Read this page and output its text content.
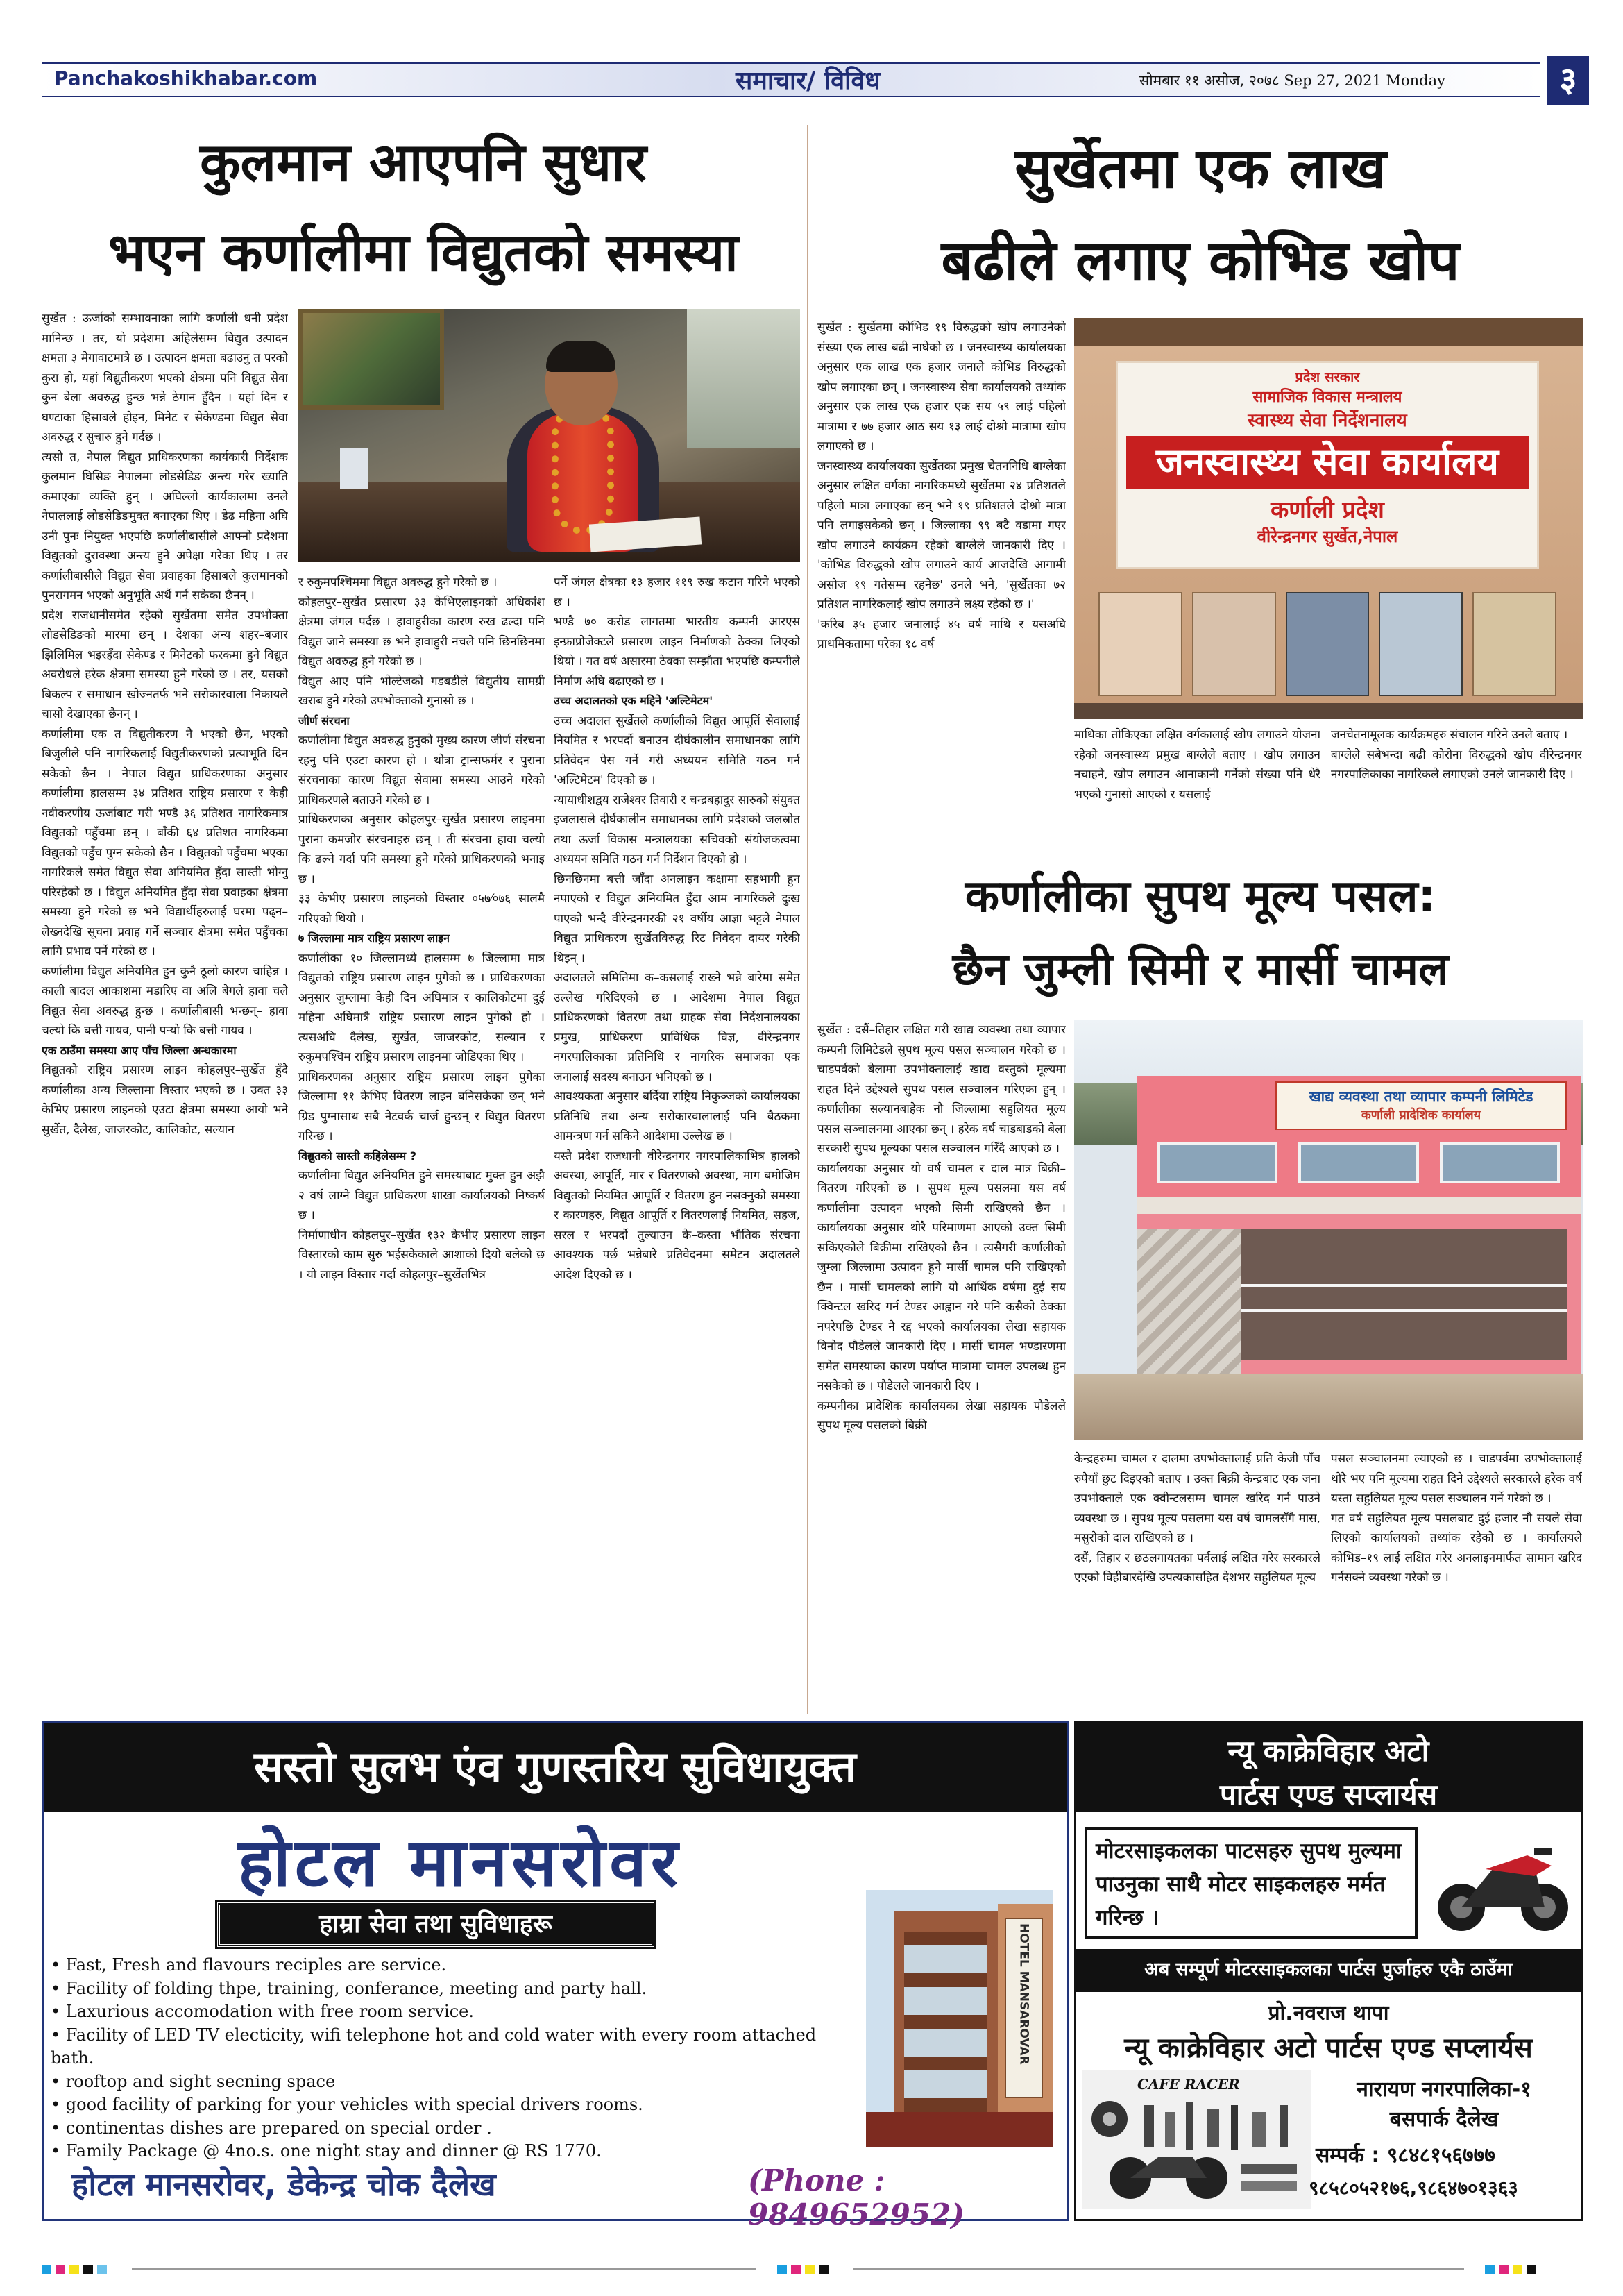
Panchakoshikhabar.com	समाचार/ विविध	सोमबार ११ असोज, २०७८ Sep 27, 2021 Monday	३
कुलमान आएपनि सुधार
भएन कर्णालीमा विद्युतको समस्या

सुर्खेत : ऊर्जाको सम्भावनाका लागि कर्णाली धनी प्रदेश मानिन्छ । तर, यो प्रदेशमा अहिलेसम्म विद्युत उत्पादन क्षमता ३ मेगावाटमात्रै छ । उत्पादन क्षमता बढाउनु त परको कुरा हो, यहां बिद्युतीकरण भएको क्षेत्रमा पनि विद्युत सेवा कुन बेला अवरुद्ध हुन्छ भन्ने ठेगान हुँदैन । यहां दिन र घण्टाका हिसाबले होइन, मिनेट र सेकेण्डमा विद्युत सेवा अवरुद्ध र सुचारु हुने गर्दछ ।

त्यसो त, नेपाल विद्युत प्राधिकरणका कार्यकारी निर्देशक कुलमान घिसिङ नेपालमा लोडसेडिङ अन्त्य गरेर ख्याति कमाएका व्यक्ति हुन् । अघिल्लो कार्यकालमा उनले नेपाललाई लोडसेडिङमुक्त बनाएका थिए । डेढ महिना अघि उनी पुनः नियुक्त भएपछि कर्णालीबासीले आफ्नो प्रदेशमा विद्युतको दुरावस्था अन्त्य हुने अपेक्षा गरेका थिए । तर कर्णालीबासीले विद्युत सेवा प्रवाहका हिसाबले कुलमानको पुनरागमन भएको अनुभूति अर्थै गर्न सकेका छैनन् ।

प्रदेश राजधानीसमेत रहेको सुर्खेतमा समेत उपभोक्ता लोडसेडिङको मारमा छन् । देशका अन्य शहर–बजार झिलिमिल भइरहँदा सेकेण्ड र मिनेटको फरकमा हुने विद्युत अवरोधले हरेक क्षेत्रमा समस्या हुने गरेको छ । तर, यसको बिकल्प र समाधान खोज्नतर्फ भने सरोकारवाला निकायले चासो देखाएका छैनन् ।

कर्णालीमा एक त विद्युतीकरण नै भएको छैन, भएको बिजुलीले पनि नागरिकलाई विद्युतीकरणको प्रत्याभूति दिन सकेको छैन । नेपाल विद्युत प्राधिकरणका अनुसार कर्णालीमा हालसम्म ३४ प्रतिशत राष्ट्रिय प्रसारण र केही नवीकरणीय ऊर्जाबाट गरी भण्डै ३६ प्रतिशत नागरिकमात्र विद्युतको पहुँचमा छन् । बाँकी ६४ प्रतिशत नागरिकमा विद्युतको पहुँच पुग्न सकेको छैन । विद्युतको पहुँचमा भएका नागरिकले समेत विद्युत सेवा अनियमित हुँदा सास्ती भोग्नु परिरहेको छ । विद्युत अनियमित हुँदा सेवा प्रवाहका क्षेत्रमा समस्या हुने गरेको छ भने विद्यार्थीहरुलाई घरमा पढ्न–लेख्नदेखि सूचना प्रवाह गर्ने सञ्चार क्षेत्रमा समेत पहुँचका लागि प्रभाव पर्ने गरेको छ ।

कर्णालीमा विद्युत अनियमित हुन कुनै ठूलो कारण चाहिन्न । काली बादल आकाशमा मडारिए वा अलि बेगले हावा चले विद्युत सेवा अवरुद्ध हुन्छ । कर्णालीबासी भन्छन्– हावा चल्यो कि बत्ती गायव, पानी पर्‍यो कि बत्ती गायव ।

एक ठाउँमा समस्या आए पाँच जिल्ला अन्धकारमा

विद्युतको राष्ट्रिय प्रसारण लाइन कोहलपुर–सुर्खेत हुँदै कर्णालीका अन्य जिल्लामा विस्तार भएको छ । उक्त ३३ केभिए प्रसारण लाइनको एउटा क्षेत्रमा समस्या आयो भने सुर्खेत, दैलेख, जाजरकोट, कालिकोट, सल्यान

र रुकुमपश्चिममा विद्युत अवरुद्ध हुने गरेको छ ।

कोहलपुर–सुर्खेत प्रसारण ३३ केभिएलाइनको अधिकांश क्षेत्रमा जंगल पर्दछ । हावाहुरीका कारण रुख ढल्दा पनि विद्युत जाने समस्या छ भने हावाहुरी नचले पनि छिनछिनमा विद्युत अवरुद्ध हुने गरेको छ ।

विद्युत आए पनि भोल्टेजको गडबडीले विद्युतीय सामग्री खराब हुने गरेको उपभोक्ताको गुनासो छ ।

जीर्ण संरचना

कर्णालीमा विद्युत अवरुद्ध हुनुको मुख्य कारण जीर्ण संरचना रहनु पनि एउटा कारण हो । थोत्रा ट्रान्सफर्मर र पुराना संरचनाका कारण विद्युत सेवामा समस्या आउने गरेको प्राधिकरणले बताउने गरेको छ ।

प्राधिकरणका अनुसार कोहलपुर–सुर्खेत प्रसारण लाइनमा पुराना कमजोर संरचनाहरु छन् । ती संरचना हावा चल्यो कि ढल्ने गर्दा पनि समस्या हुने गरेको प्राधिकरणको भनाइ छ ।

३३ केभीए प्रसारण लाइनको विस्तार ०५७⁄०७६ सालमै गरिएको थियो ।

७ जिल्लामा मात्र राष्ट्रिय प्रसारण लाइन

कर्णालीका १० जिल्लामध्ये हालसम्म ७ जिल्लामा मात्र विद्युतको राष्ट्रिय प्रसारण लाइन पुगेको छ । प्राधिकरणका अनुसार जुम्लामा केही दिन अघिमात्र र कालिकोटमा दुई महिना अघिमात्रै राष्ट्रिय प्रसारण लाइन पुगेको हो । त्यसअघि दैलेख, सुर्खेत, जाजरकोट, सल्यान र रुकुमपश्चिम राष्ट्रिय प्रसारण लाइनमा जोडिएका थिए ।

प्राधिकरणका अनुसार राष्ट्रिय प्रसारण लाइन पुगेका जिल्लामा ११ केभिए वितरण लाइन बनिसकेका छन् भने ग्रिड पुग्नासाथ सबै नेटवर्क चार्ज हुन्छन् र विद्युत वितरण गरिन्छ ।

विद्युतको सास्ती कहिलेसम्म ?

कर्णालीमा विद्युत अनियमित हुने समस्याबाट मुक्त हुन अझै २ वर्ष लाग्ने विद्युत प्राधिकरण शाखा कार्यालयको निष्कर्ष छ ।

निर्माणाधीन कोहलपुर–सुर्खेत १३२ केभीए प्रसारण लाइन विस्तारको काम सुरु भईसकेकाले आशाको दियो बलेको छ । यो लाइन विस्तार गर्दा कोहलपुर–सुर्खेतभित्र

पर्ने जंगल क्षेत्रका १३ हजार ११९ रुख कटान गरिने भएको छ ।

भण्डै ७० करोड लागतमा भारतीय कम्पनी आरएस इन्फ्राप्रोजेक्टले प्रसारण लाइन निर्माणको ठेक्का लिएको थियो । गत वर्ष असारमा ठेक्का सम्झौता भएपछि कम्पनीले निर्माण अघि बढाएको छ ।

उच्च अदालतको एक महिने 'अल्टिमेटम'

उच्च अदालत सुर्खेतले कर्णालीको विद्युत आपूर्ति सेवालाई नियमित र भरपर्दो बनाउन दीर्घकालीन समाधानका लागि प्रतिवेदन पेस गर्ने गरी अध्ययन समिति गठन गर्न 'अल्टिमेटम' दिएको छ ।

न्यायाधीशद्वय राजेश्वर तिवारी र चन्द्रबहादुर सारुको संयुक्त इजलासले दीर्घकालीन समाधानका लागि प्रदेशको जलस्रोत तथा ऊर्जा विकास मन्त्रालयका सचिवको संयोजकत्वमा अध्ययन समिति गठन गर्न निर्देशन दिएको हो ।

छिनछिनमा बत्ती जाँदा अनलाइन कक्षामा सहभागी हुन नपाएको र विद्युत अनियमित हुँदा आम नागरिकले दुःख पाएको भन्दै वीरेन्द्रनगरकी २१ वर्षीय आज्ञा भट्टले नेपाल विद्युत प्राधिकरण सुर्खेतविरुद्ध रिट निवेदन दायर गरेकी थिइन् ।

अदालतले समितिमा क–कसलाई राख्ने भन्ने बारेमा समेत उल्लेख गरिदिएको छ । आदेशमा नेपाल विद्युत प्राधिकरणको वितरण तथा ग्राहक सेवा निर्देशनालयका प्रमुख, प्राधिकरण प्राविधिक विज्ञ, वीरेन्द्रनगर नगरपालिकाका प्रतिनिधि र नागरिक समाजका एक जनालाई सदस्य बनाउन भनिएको छ ।

आवश्यकता अनुसार बर्दिया राष्ट्रिय निकुञ्जको कार्यालयका प्रतिनिधि तथा अन्य सरोकारवालालाई पनि बैठकमा आमन्त्रण गर्न सकिने आदेशमा उल्लेख छ ।

यस्तै प्रदेश राजधानी वीरेन्द्रनगर नगरपालिकाभित्र हालको अवस्था, आपूर्ति, मार र वितरणको अवस्था, माग बमोजिम विद्युतको नियमित आपूर्ति र वितरण हुन नसक्नुको समस्या र कारणहरु, विद्युत आपूर्ति र वितरणलाई नियमित, सहज, सरल र भरपर्दो तुल्याउन के–कस्ता भौतिक संरचना आवश्यक पर्छ भन्नेबारे प्रतिवेदनमा समेटन अदालतले आदेश दिएको छ ।

सुर्खेतमा एक लाख
बढीले लगाए कोभिड खोप

सुर्खेत : सुर्खेतमा कोभिड १९ विरुद्धको खोप लगाउनेको संख्या एक लाख बढी नाघेको छ । जनस्वास्थ्य कार्यालयका अनुसार एक लाख एक हजार जनाले कोभिड विरुद्धको खोप लगाएका छन् । जनस्वास्थ्य सेवा कार्यालयको तथ्यांक अनुसार एक लाख एक हजार एक सय ५९ लाई पहिलो मात्रामा र ७७ हजार आठ सय १३ लाई दोश्रो मात्रामा खोप लगाएको छ ।

जनस्वास्थ्य कार्यालयका सुर्खेतका प्रमुख चेतननिधि बाग्लेका अनुसार लक्षित वर्गका नागरिकमध्ये सुर्खेतमा २४ प्रतिशतले पहिलो मात्रा लगाएका छन् भने १९ प्रतिशतले दोश्रो मात्रा पनि लगाइसकेको छन् । जिल्लाका ९९ बटै वडामा गएर खोप लगाउने कार्यक्रम रहेको बाग्लेले जानकारी दिए । 'कोभिड विरुद्धको खोप लगाउने कार्य आजदेखि आगामी असोज १९ गतेसम्म रहनेछ' उनले भने, 'सुर्खेतका ७२ प्रतिशत नागरिकलाई खोप लगाउने लक्ष्य रहेको छ ।'

'करिब ३५ हजार जनालाई ४५ वर्ष माथि र यसअघि प्राथमिकतामा परेका १८ वर्ष

प्रदेश सरकार
सामाजिक विकास मन्त्रालय
स्वास्थ्य सेवा निर्देशनालय
जनस्वास्थ्य सेवा कार्यालय
कर्णाली प्रदेश
वीरेन्द्रनगर सुर्खेत,नेपाल

माथिका तोकिएका लक्षित वर्गकालाई खोप लगाउने योजना रहेको जनस्वास्थ्य प्रमुख बाग्लेले बताए । खोप लगाउन नचाहने, खोप लगाउन आनाकानी गर्नेको संख्या पनि धेरै भएको गुनासो आएको र यसलाई

जनचेतनामूलक कार्यक्रमहरु संचालन गरिने उनले बताए ।

बाग्लेले सबैभन्दा बढी कोरोना विरुद्धको खोप वीरेन्द्रनगर नगरपालिकाका नागरिकले लगाएको उनले जानकारी दिए ।

कर्णालीका सुपथ मूल्य पसल:
छैन जुम्ली सिमी र मार्सी चामल

सुर्खेत : दसैं–तिहार लक्षित गरी खाद्य व्यवस्था तथा व्यापार कम्पनी लिमिटेडले सुपथ मूल्य पसल सञ्चालन गरेको छ । चाडपर्वको बेलामा उपभोक्तालाई खाद्य वस्तुको मूल्यमा राहत दिने उद्देश्यले सुपथ पसल सञ्चालन गरिएका हुन् । कर्णालीका सल्यानबाहेक नौ जिल्लामा सहुलियत मूल्य पसल सञ्चालनमा आएका छन् । हरेक वर्ष चाडबाडको बेला सरकारी सुपथ मूल्यका पसल सञ्चालन गरिँदै आएको छ ।

कार्यालयका अनुसार यो वर्ष चामल र दाल मात्र बिक्री–वितरण गरिएको छ । सुपथ मूल्य पसलमा यस वर्ष कर्णालीमा उत्पादन भएको सिमी राखिएको छैन । कार्यालयका अनुसार थोरै परिमाणमा आएको उक्त सिमी सकिएकोले बिक्रीमा राखिएको छैन । त्यसैगरी कर्णालीको जुम्ला जिल्लामा उत्पादन हुने मार्सी चामल पनि राखिएको छैन । मार्सी चामलको लागि यो आर्थिक वर्षमा दुई सय क्विन्टल खरिद गर्न टेण्डर आह्वान गरे पनि कसैको ठेक्का नपरेपछि टेण्डर नै रद्द भएको कार्यालयका लेखा सहायक विनोद पौडेलले जानकारी दिए । मार्सी चामल भण्डारणमा समेत समस्याका कारण पर्याप्त मात्रामा चामल उपलब्ध हुन नसकेको छ । पौडेलले जानकारी दिए ।

कम्पनीका प्रादेशिक कार्यालयका लेखा सहायक पौडेलले सुपथ मूल्य पसलको बिक्री

खाद्य व्यवस्था तथा व्यापार कम्पनी लिमिटेड
कर्णाली प्रादेशिक कार्यालय

केन्द्रहरुमा चामल र दालमा उपभोक्तालाई प्रति केजी पाँच रुपैयाँ छुट दिइएको बताए । उक्त बिक्री केन्द्रबाट एक जना उपभोक्ताले एक क्वीन्टलसम्म चामल खरिद गर्न पाउने व्यवस्था छ । सुपथ मूल्य पसलमा यस वर्ष चामलसँगै मास, मसुरोको दाल राखिएको छ ।

दसैं, तिहार र छठलगायतका पर्वलाई लक्षित गरेर सरकारले एएको विहीबारदेखि उपत्यकासहित देशभर सहुलियत मूल्य

पसल सञ्चालनमा ल्याएको छ । चाडपर्वमा उपभोक्तालाई थोरै भए पनि मूल्यमा राहत दिने उद्देश्यले सरकारले हरेक वर्ष यस्ता सहुलियत मूल्य पसल सञ्चालन गर्ने गरेको छ ।

गत वर्ष सहुलियत मूल्य पसलबाट दुई हजार नौ सयले सेवा लिएको कार्यालयको तथ्यांक रहेको छ । कार्यालयले कोभिड–१९ लाई लक्षित गरेर अनलाइनमार्फत सामान खरिद गर्नसक्ने व्यवस्था गरेको छ ।

सस्तो सुलभ एंव गुणस्तरिय सुविधायुक्त
होटल मानसरोवर
हाम्रा सेवा तथा सुविधाहरू
• Fast, Fresh and flavours reciples are service.
• Facility of folding thpe, training, conferance, meeting and party hall.
• Laxurious accomodation with free room service.
• Facility of LED TV electicity, wifi telephone hot and cold water with every room attached bath.
• rooftop and sight secning space
• good facility of parking for your vehicles with special drivers rooms.
• continentas dishes are prepared on special order .
• Family Package @ 4no.s. one night stay and dinner @ RS 1770.
HOTEL MANSAROVAR
होटल मानसरोवर, डेकेन्द्र चोक दैलेख	(Phone : 9849652952)
न्यू काक्रेविहार अटो
पार्टस एण्ड सप्लार्यस
मोटरसाइकलका पाटसहरु सुपथ मुल्यमा पाउनुका साथै मोटर साइकलहरु मर्मत गरिन्छ ।
अब सम्पूर्ण मोटरसाइकलका पार्टस पुर्जाहरु एकै ठाउँमा
प्रो.नवराज थापा
न्यू काक्रेविहार अटो पार्टस एण्ड सप्लार्यस
CAFE RACER	नारायण नगरपालिका-१
बसपार्क दैलेख
सम्पर्क : ९८४८१५६७७७
९८५८०५२१७६,९८६४७०१३६३
